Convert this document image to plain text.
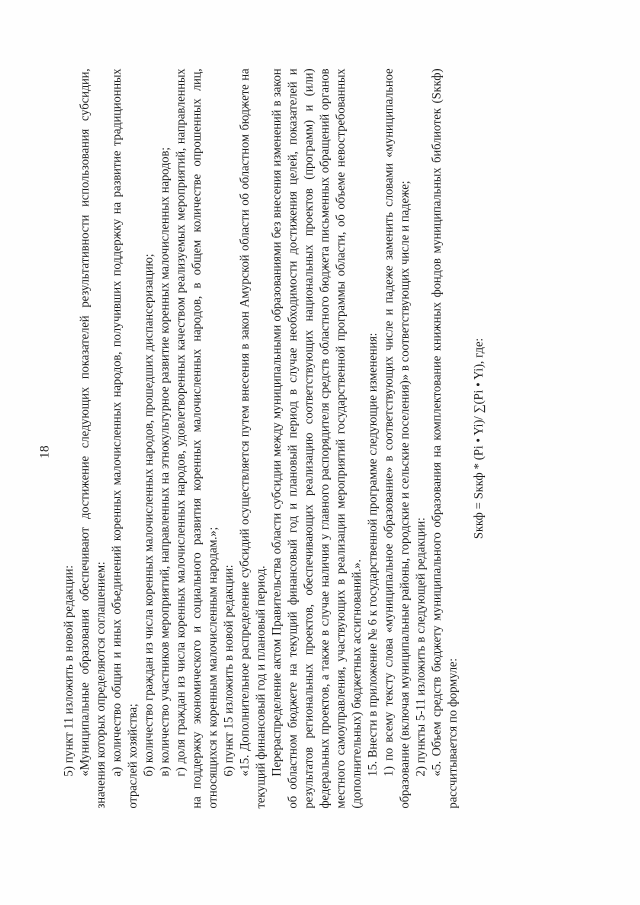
18

5) пункт 11 изложить в новой редакции: «Муниципальные образования обеспечивают достижение следующих показателей результативности использования субсидии, значения которых определяются соглашением: а) количество общин и иных объединений коренных малочисленных народов, получивших поддержку на развитие традиционных отраслей хозяйства; б) количество граждан из числа коренных малочисленных народов, прошедших диспансеризацию; в) количество участников мероприятий, направленных на этнокультурное развитие коренных малочисленных народов; г) доля граждан из числа коренных малочисленных народов, удовлетворенных качеством реализуемых мероприятий, направленных на поддержку экономического и социального развития коренных малочисленных народов, в общем количестве опрошенных лиц, относящихся к коренным малочисленным народам.»; 6) пункт 15 изложить в новой редакции: «15. Дополнительное распределение субсидий осуществляется путем внесения в закон Амурской области об областном бюджете на текущий финансовый год и плановый период. Перераспределение актом Правительства области субсидии между муниципальными образованиями без внесения изменений в закон об областном бюджете на текущий финансовый год и плановый период в случае необходимости достижения целей, показателей и результатов региональных проектов, обеспечивающих реализацию соответствующих национальных проектов (программ) и (или) федеральных проектов, а также в случае наличия у главного распорядителя средств областного бюджета письменных обращений органов местного самоуправления, участвующих в реализации мероприятий государственной программы области, об объеме невостребованных (дополнительных) бюджетных ассигнований.». 15. Внести в приложение № 6 к государственной программе следующие изменения: 1) по всему тексту слова «муниципальное образование» в соответствующих числе и падеже заменить словами «муниципальное образование (включая муниципальные районы, городские и сельские поселения)» в соответствующих числе и падеже; 2) пункты 5-11 изложить в следующей редакции: «5. Объем средств бюджету муниципального образования на комплектование книжных фондов муниципальных библиотек (Sккф) рассчитывается по формуле:

Sккф = Sккф * (Pi • Yi)/ ∑(Pi • Yi), где:
